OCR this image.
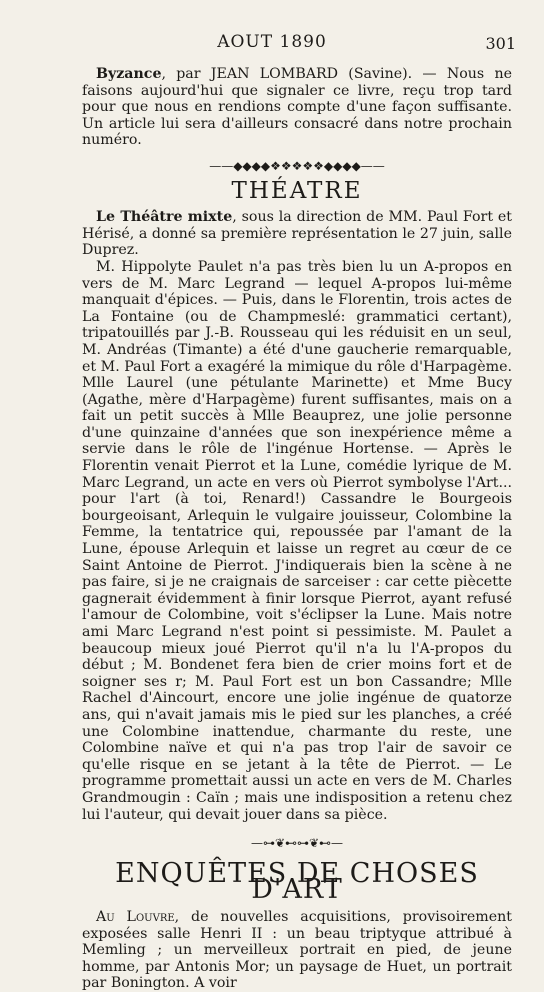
AOUT 1890	301

Byzance, par JEAN LOMBARD (Savine). — Nous ne faisons aujourd'hui que signaler ce livre, reçu trop tard pour que nous en rendions compte d'une façon suffisante. Un article lui sera d'ailleurs consacré dans notre prochain numéro.

——◆◆◆◆❖❖❖❖❖◆◆◆◆——
THÉATRE

Le Théâtre mixte, sous la direction de MM. Paul Fort et Hérisé, a donné sa première représentation le 27 juin, salle Duprez.

M. Hippolyte Paulet n'a pas très bien lu un A-propos en vers de M. Marc Legrand — lequel A-propos lui-même manquait d'épices. — Puis, dans le Florentin, trois actes de La Fontaine (ou de Champmeslé: grammatici certant), tripatouillés par J.-B. Rousseau qui les réduisit en un seul, M. Andréas (Timante) a été d'une gaucherie remarquable, et M. Paul Fort a exagéré la mimique du rôle d'Harpagème. Mlle Laurel (une pétulante Marinette) et Mme Bucy (Agathe, mère d'Harpagème) furent suffisantes, mais on a fait un petit succès à Mlle Beauprez, une jolie personne d'une quinzaine d'années que son inexpérience même a servie dans le rôle de l'ingénue Hortense. — Après le Florentin venait Pierrot et la Lune, comédie lyrique de M. Marc Legrand, un acte en vers où Pierrot symbolyse l'Art... pour l'art (à toi, Renard!) Cassandre le Bourgeois bourgeoisant, Arlequin le vulgaire jouisseur, Colombine la Femme, la tentatrice qui, repoussée par l'amant de la Lune, épouse Arlequin et laisse un regret au cœur de ce Saint Antoine de Pierrot. J'indiquerais bien la scène à ne pas faire, si je ne craignais de sarceiser : car cette piècette gagnerait évidemment à finir lorsque Pierrot, ayant refusé l'amour de Colombine, voit s'éclipser la Lune. Mais notre ami Marc Legrand n'est point si pessimiste. M. Paulet a beaucoup mieux joué Pierrot qu'il n'a lu l'A-propos du début ; M. Bondenet fera bien de crier moins fort et de soigner ses r; M. Paul Fort est un bon Cassandre; Mlle Rachel d'Aincourt, encore une jolie ingénue de quatorze ans, qui n'avait jamais mis le pied sur les planches, a créé une Colombine inattendue, charmante du reste, une Colombine naïve et qui n'a pas trop l'air de savoir ce qu'elle risque en se jetant à la tête de Pierrot. — Le programme promettait aussi un acte en vers de M. Charles Grandmougin : Caïn ; mais une indisposition a retenu chez lui l'auteur, qui devait jouer dans sa pièce.

—⊶❦⊷⊶❦⊷—
ENQUÊTES DE CHOSES D'ART

Au Louvre, de nouvelles acquisitions, provisoirement exposées salle Henri II : un beau triptyque attribué à Memling ; un merveilleux portrait en pied, de jeune homme, par Antonis Mor; un paysage de Huet, un portrait par Bonington. A voir
